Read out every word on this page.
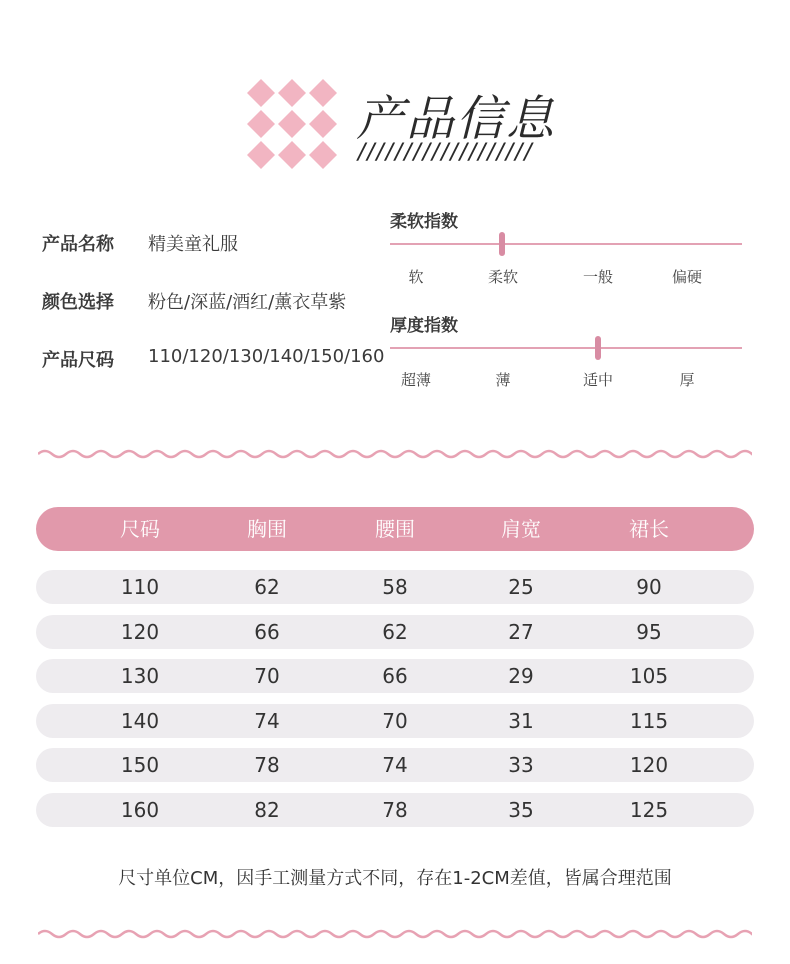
产品信息
///////////////////
产品名称 精美童礼服
颜色选择 粉色/深蓝/酒红/薰衣草紫
产品尺码 110/120/130/140/150/160
柔软指数
软	柔软	一般	偏硬
厚度指数
超薄	薄	适中	厚
尺码	胸围	腰围	肩宽	裙长
110	62	58	25	90
120	66	62	27	95
130	70	66	29	105
140	74	70	31	115
150	78	74	33	120
160	82	78	35	125
尺寸单位CM，因手工测量方式不同，存在1-2CM差值，皆属合理范围
